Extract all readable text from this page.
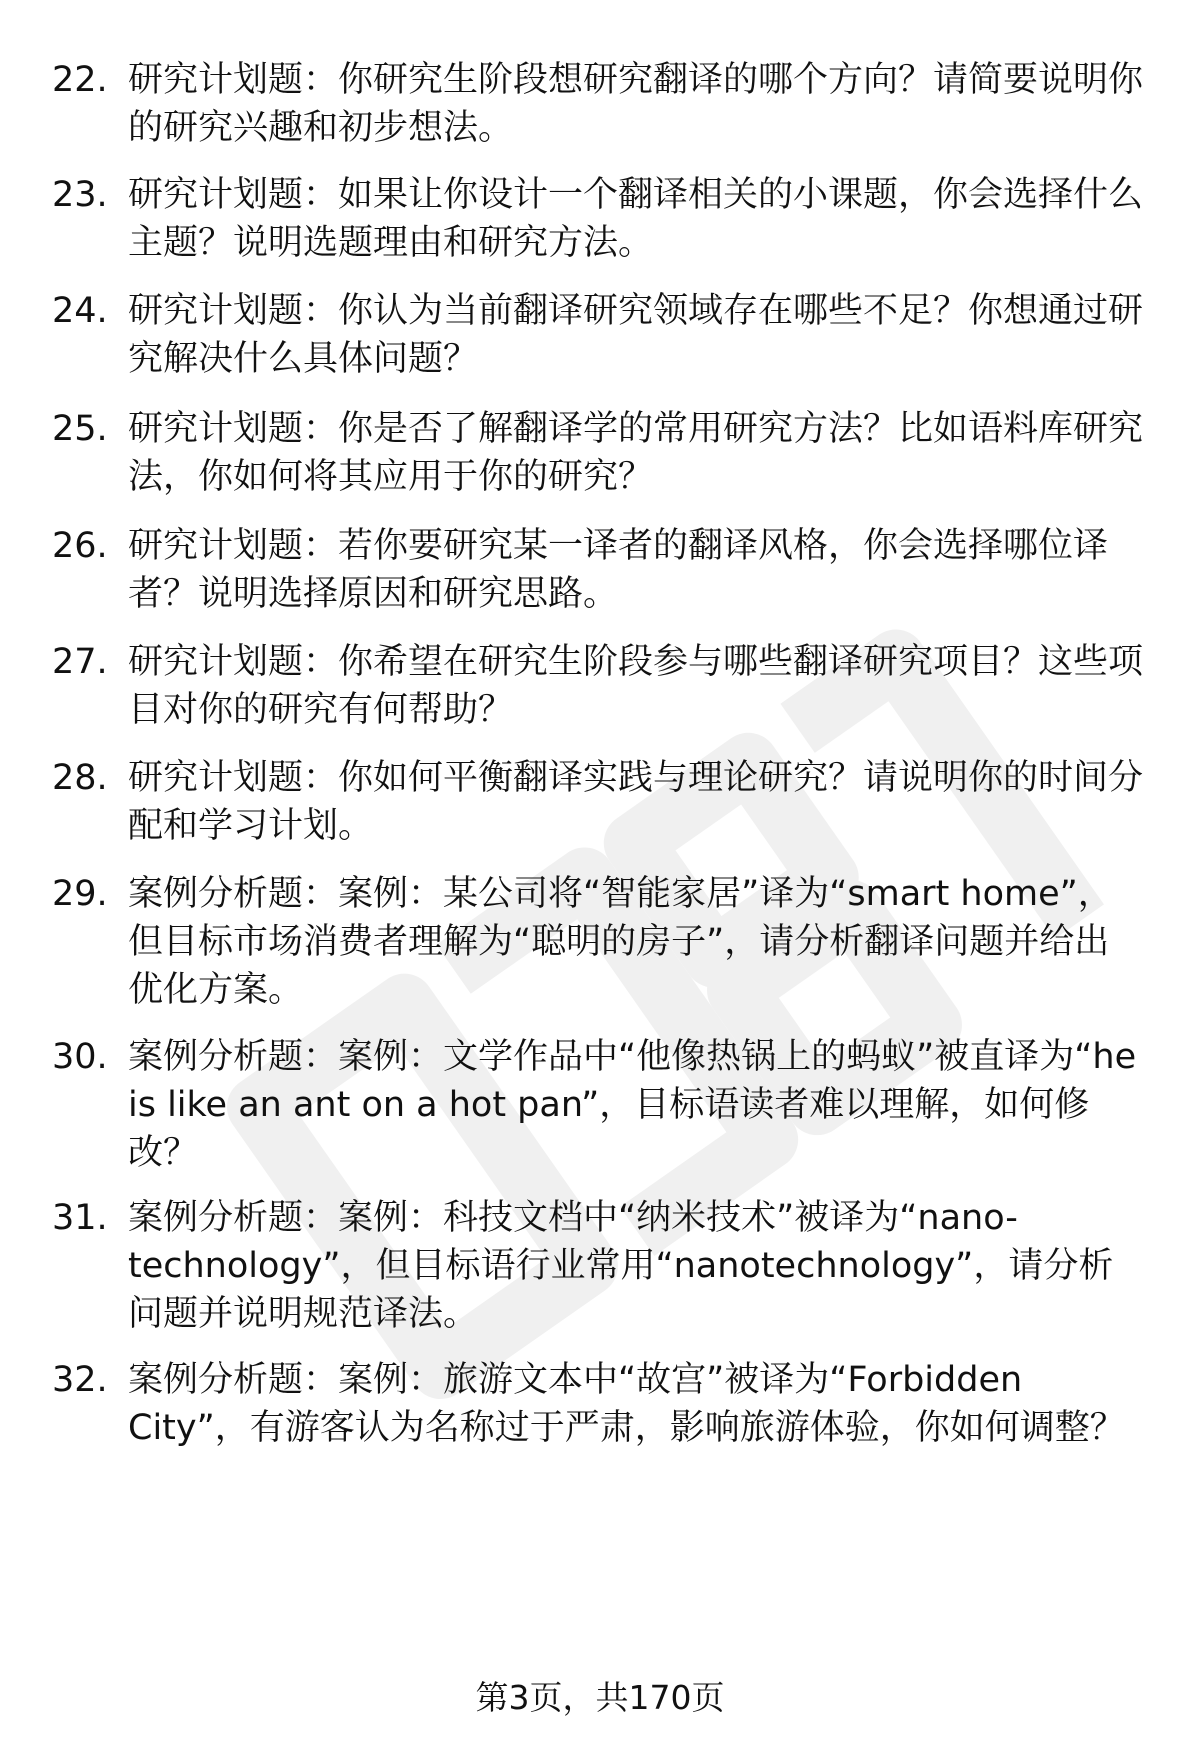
22. 研究计划题：你研究生阶段想研究翻译的哪个方向？请简要说明你的研究兴趣和初步想法。
23. 研究计划题：如果让你设计一个翻译相关的小课题，你会选择什么主题？说明选题理由和研究方法。
24. 研究计划题：你认为当前翻译研究领域存在哪些不足？你想通过研究解决什么具体问题？
25. 研究计划题：你是否了解翻译学的常用研究方法？比如语料库研究法，你如何将其应用于你的研究？
26. 研究计划题：若你要研究某一译者的翻译风格，你会选择哪位译者？说明选择原因和研究思路。
27. 研究计划题：你希望在研究生阶段参与哪些翻译研究项目？这些项目对你的研究有何帮助？
28. 研究计划题：你如何平衡翻译实践与理论研究？请说明你的时间分配和学习计划。
29. 案例分析题：案例：某公司将“智能家居”译为“smart home”，但目标市场消费者理解为“聪明的房子”，请分析翻译问题并给出优化方案。
30. 案例分析题：案例：文学作品中“他像热锅上的蚂蚁”被直译为“he is like an ant on a hot pan”，目标语读者难以理解，如何修改？
31. 案例分析题：案例：科技文档中“纳米技术”被译为“nano-technology”，但目标语行业常用“nanotechnology”，请分析问题并说明规范译法。
32. 案例分析题：案例：旅游文本中“故宫”被译为“Forbidden City”，有游客认为名称过于严肃，影响旅游体验，你如何调整？
第3页，共170页
